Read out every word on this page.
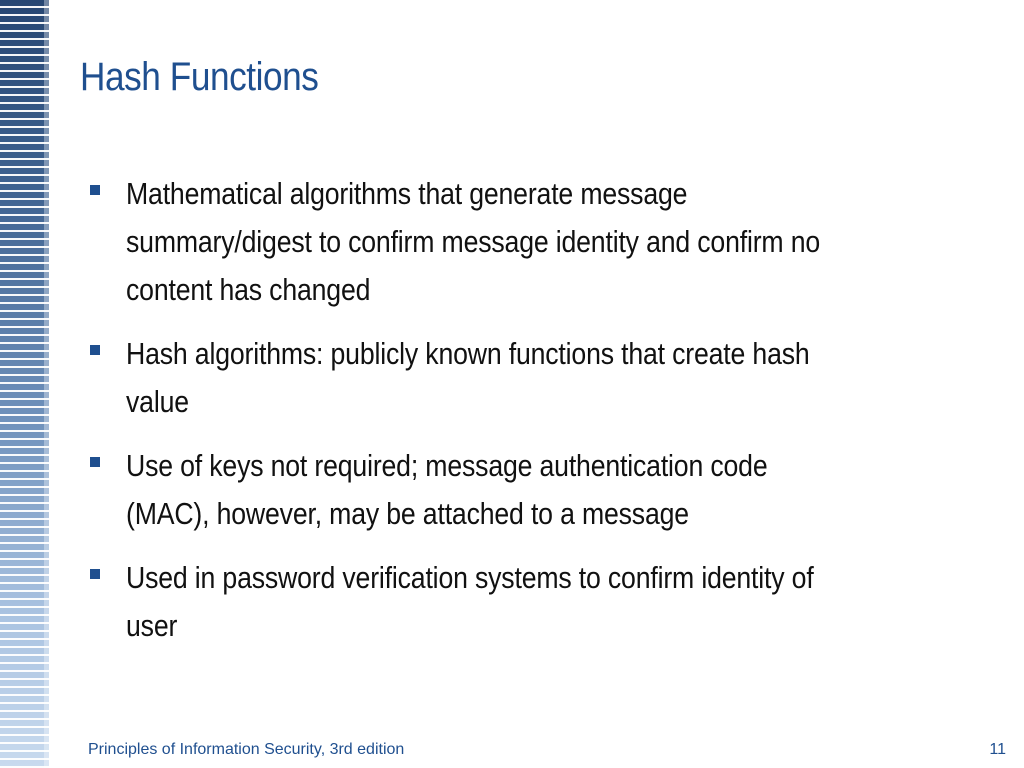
Hash Functions
Mathematical algorithms that generate message summary/digest to confirm message identity and confirm no content has changed
Hash algorithms: publicly known functions that create hash value
Use of keys not required; message authentication code (MAC), however, may be attached to a message
Used in password verification systems to confirm identity of user
Principles of Information Security, 3rd edition	11
